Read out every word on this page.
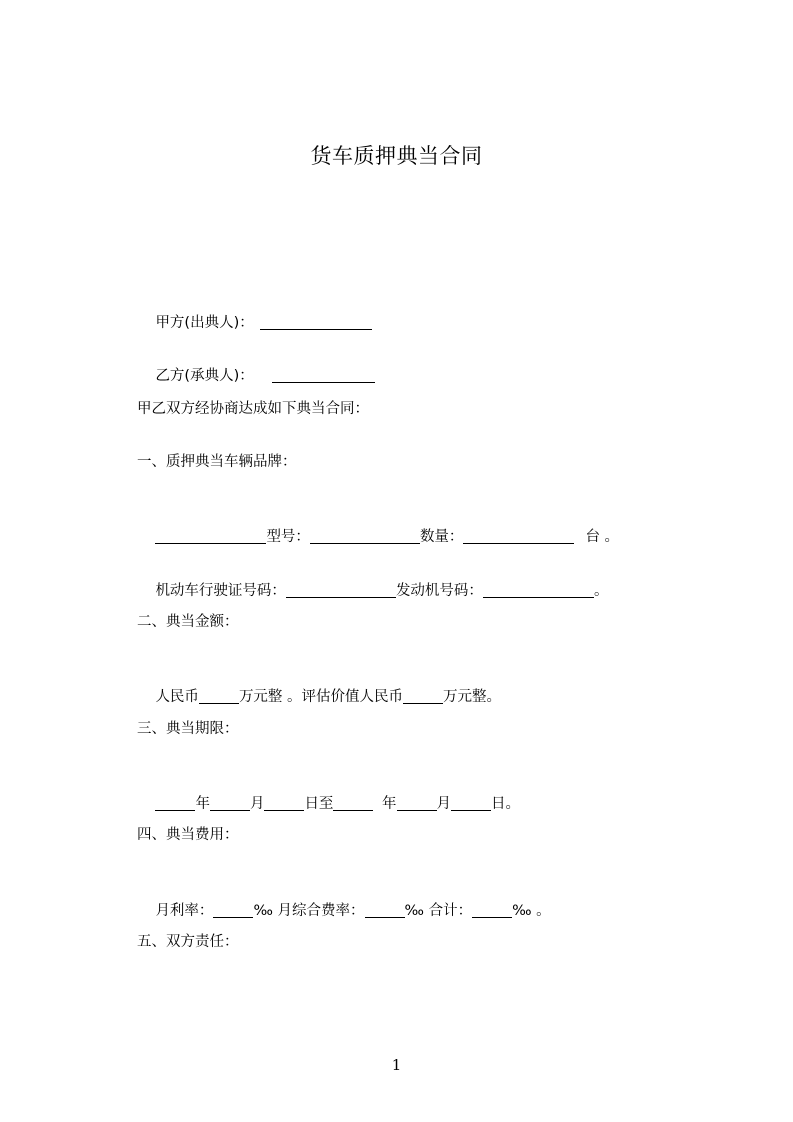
货车质押典当合同

甲方(出典人)：

乙方(承典人)：

甲乙双方经协商达成如下典当合同：
一、质押典当车辆品牌：

型号：	数量：	台 。

机动车行驶证号码：	发动机号码：	。

二、典当金额：

人民币	万元整 。评估价值人民币	万元整。

三、典当期限：

年	月	日至	年	月	日。

四、典当费用：

月利率：	‰ 月综合费率：	‰ 合计：	‰ 。

五、双方责任：
1
